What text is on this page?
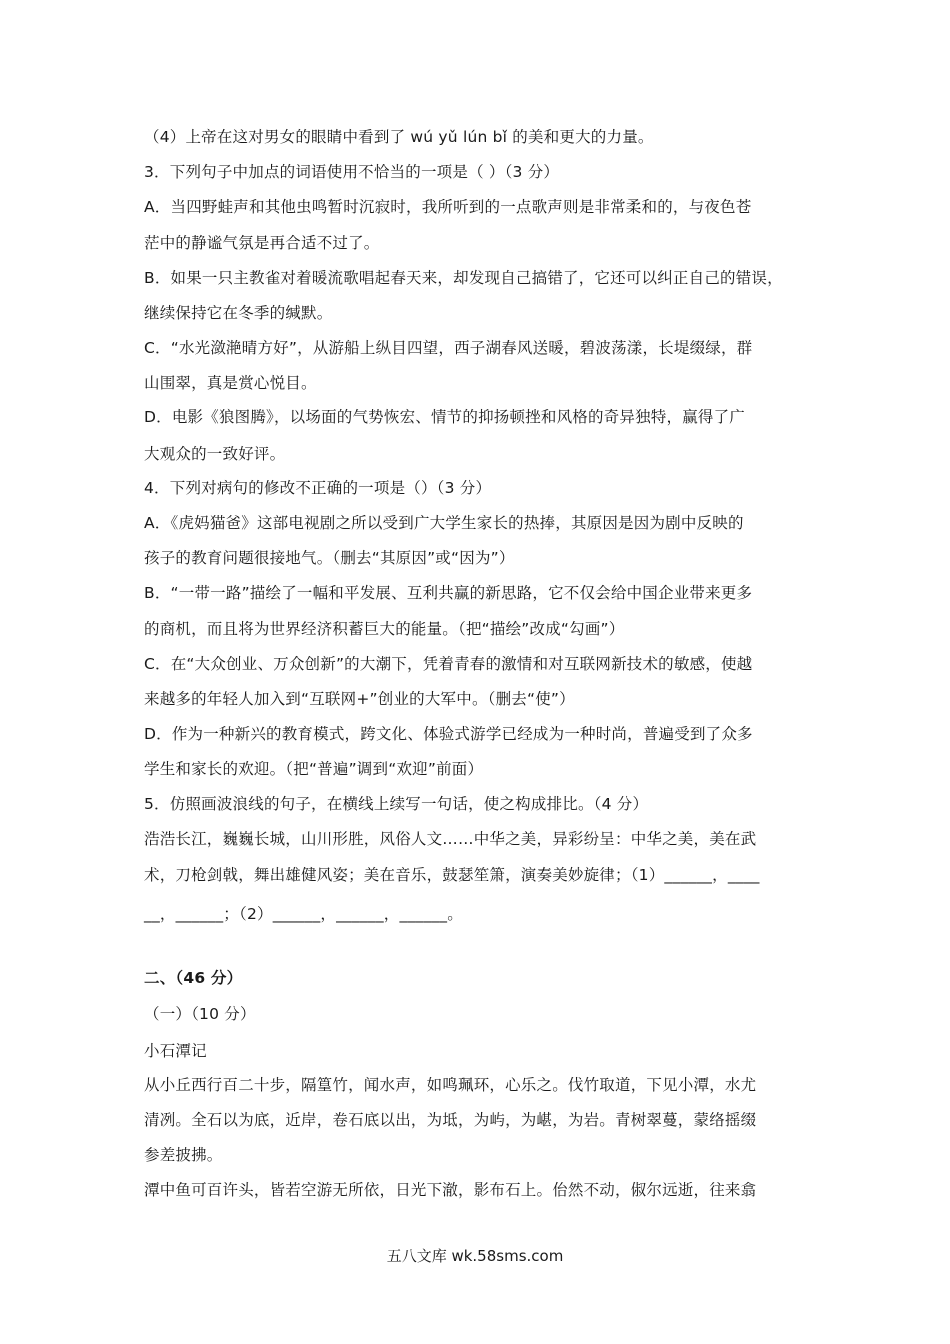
（4）上帝在这对男女的眼睛中看到了 wú yǔ lún bǐ 的美和更大的力量。
3．下列句子中加点的词语使用不恰当的一项是（ ）（3 分）
A．当四野蛙声和其他虫鸣暂时沉寂时，我所听到的一点歌声则是非常柔和的，与夜色苍
茫中的静谧气氛是再合适不过了。
B．如果一只主教雀对着暖流歌唱起春天来，却发现自己搞错了，它还可以纠正自己的错误，
继续保持它在冬季的缄默。
C．“水光潋滟晴方好”，从游船上纵目四望，西子湖春风送暖，碧波荡漾，长堤缀绿，群
山围翠，真是赏心悦目。
D．电影《狼图腾》，以场面的气势恢宏、情节的抑扬顿挫和风格的奇异独特，赢得了广
大观众的一致好评。
4．下列对病句的修改不正确的一项是（）（3 分）
A．《虎妈猫爸》这部电视剧之所以受到广大学生家长的热捧，其原因是因为剧中反映的
孩子的教育问题很接地气。（删去“其原因”或“因为”）
B．“一带一路”描绘了一幅和平发展、互利共赢的新思路，它不仅会给中国企业带来更多
的商机，而且将为世界经济积蓄巨大的能量。（把“描绘”改成“勾画”）
C．在“大众创业、万众创新”的大潮下，凭着青春的激情和对互联网新技术的敏感，使越
来越多的年轻人加入到“互联网+”创业的大军中。（删去“使”）
D．作为一种新兴的教育模式，跨文化、体验式游学已经成为一种时尚，普遍受到了众多
学生和家长的欢迎。（把“普遍”调到“欢迎”前面）
5．仿照画波浪线的句子，在横线上续写一句话，使之构成排比。（4 分）
浩浩长江，巍巍长城，山川形胜，风俗人文……中华之美，异彩纷呈：中华之美，美在武
术，刀枪剑戟，舞出雄健风姿；美在音乐，鼓瑟笙箫，演奏美妙旋律；（1）______，____
__，______；（2）______，______，______。
二、（46 分）
（一）（10 分）
小石潭记
从小丘西行百二十步，隔篁竹，闻水声，如鸣珮环，心乐之。伐竹取道，下见小潭，水尤
清冽。全石以为底，近岸，卷石底以出，为坻，为屿，为嵁，为岩。青树翠蔓，蒙络摇缀
参差披拂。
潭中鱼可百许头，皆若空游无所依，日光下澈，影布石上。佁然不动，俶尔远逝，往来翕
五八文库 wk.58sms.com
